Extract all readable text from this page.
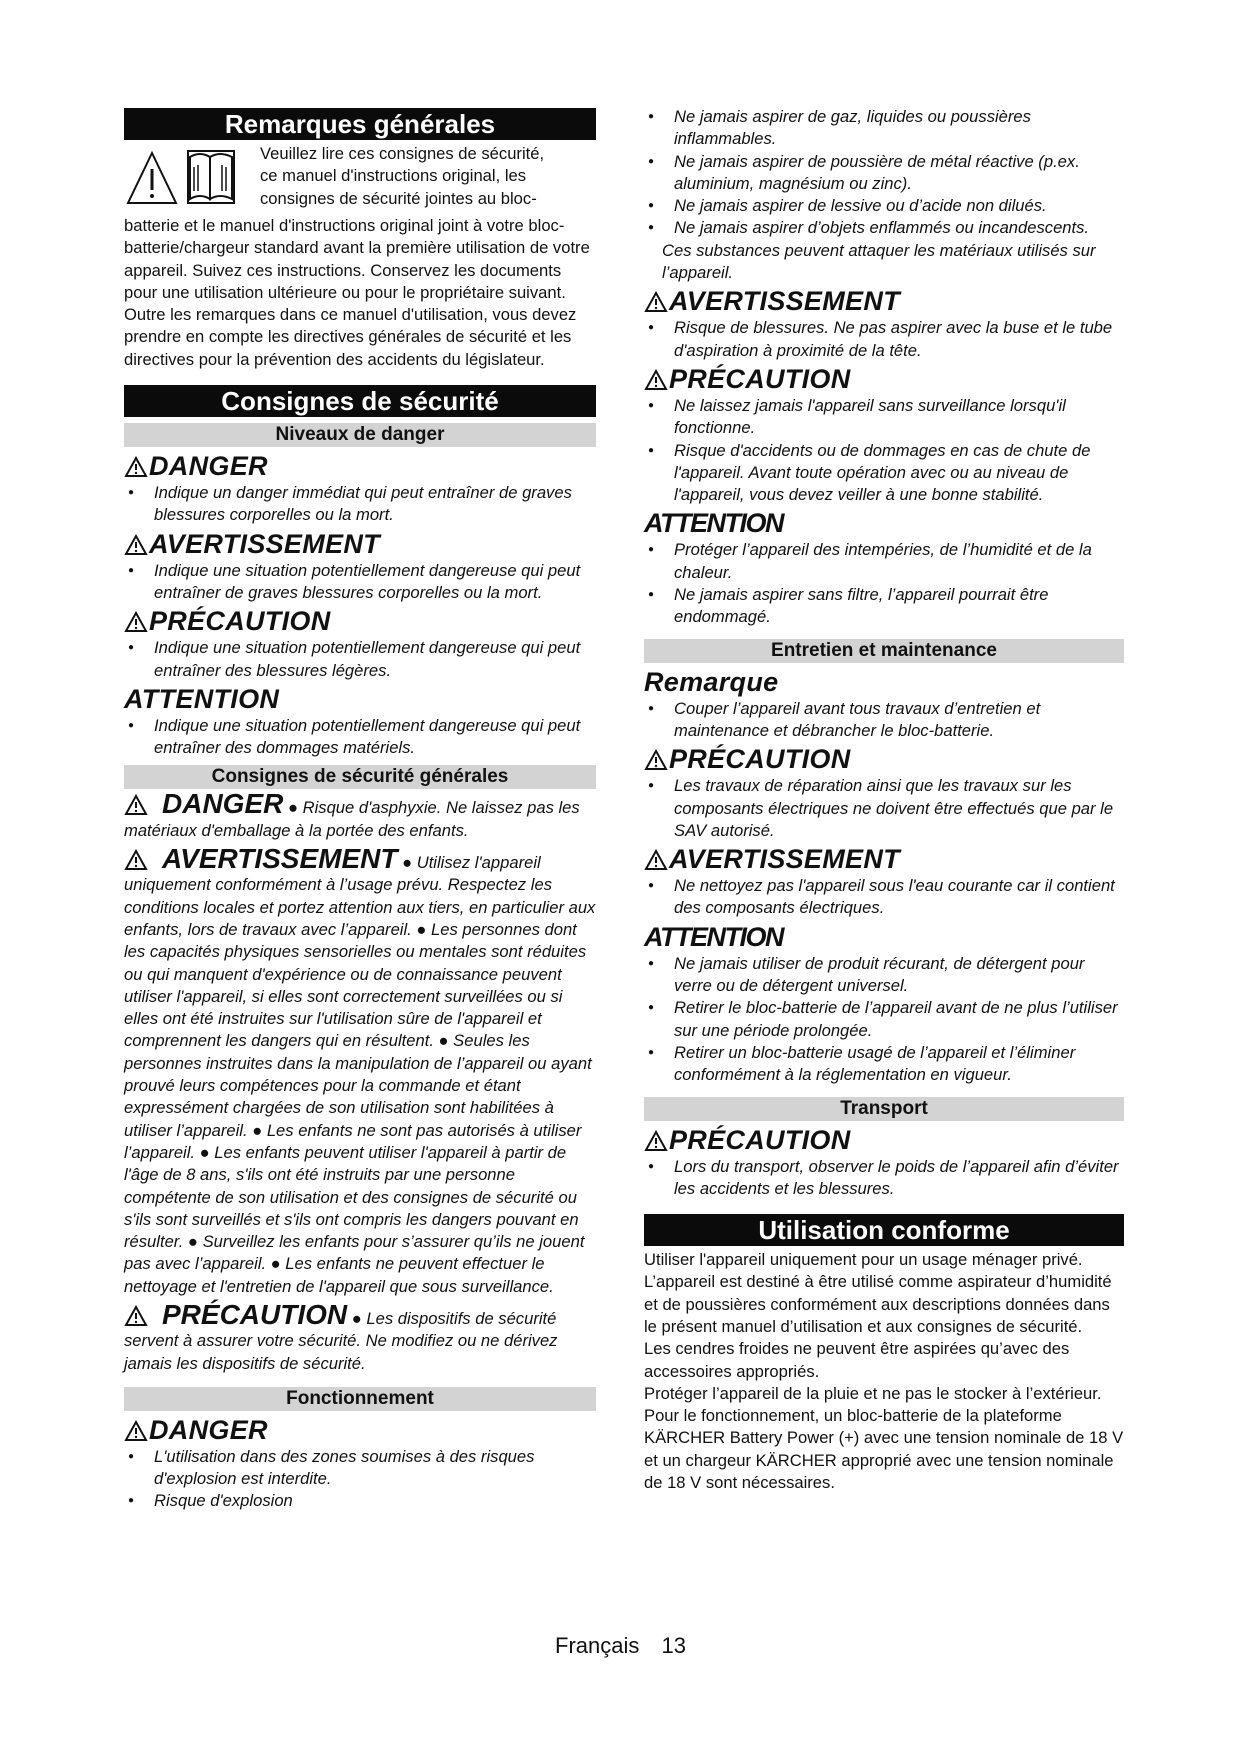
Remarques générales

Veuillez lire ces consignes de sécurité,

ce manuel d'instructions original, les

consignes de sécurité jointes au bloc-

batterie et le manuel d'instructions original joint à votre bloc-batterie/chargeur standard avant la première utilisation de votre appareil. Suivez ces instructions. Conservez les documents pour une utilisation ultérieure ou pour le propriétaire suivant.

Outre les remarques dans ce manuel d'utilisation, vous devez prendre en compte les directives générales de sécurité et les directives pour la prévention des accidents du législateur.

Consignes de sécurité
Niveaux de danger
DANGER
● Indique un danger immédiat qui peut entraîner de graves blessures corporelles ou la mort.
AVERTISSEMENT
● Indique une situation potentiellement dangereuse qui peut entraîner de graves blessures corporelles ou la mort.
PRÉCAUTION
● Indique une situation potentiellement dangereuse qui peut entraîner des blessures légères.
ATTENTION
● Indique une situation potentiellement dangereuse qui peut entraîner des dommages matériels.
Consignes de sécurité générales

DANGER ● Risque d'asphyxie. Ne laissez pas les matériaux d'emballage à la portée des enfants.

AVERTISSEMENT ● Utilisez l'appareil uniquement conformément à l’usage prévu. Respectez les conditions locales et portez attention aux tiers, en particulier aux enfants, lors de travaux avec l’appareil. ● Les personnes dont les capacités physiques sensorielles ou mentales sont réduites ou qui manquent d'expérience ou de connaissance peuvent utiliser l'appareil, si elles sont correctement surveillées ou si elles ont été instruites sur l'utilisation sûre de l'appareil et comprennent les dangers qui en résultent. ● Seules les personnes instruites dans la manipulation de l’appareil ou ayant prouvé leurs compétences pour la commande et étant expressément chargées de son utilisation sont habilitées à utiliser l’appareil. ● Les enfants ne sont pas autorisés à utiliser l’appareil. ● Les enfants peuvent utiliser l'appareil à partir de l'âge de 8 ans, s'ils ont été instruits par une personne compétente de son utilisation et des consignes de sécurité ou s'ils sont surveillés et s'ils ont compris les dangers pouvant en résulter. ● Surveillez les enfants pour s’assurer qu’ils ne jouent pas avec l’appareil. ● Les enfants ne peuvent effectuer le nettoyage et l'entretien de l'appareil que sous surveillance.

PRÉCAUTION ● Les dispositifs de sécurité servent à assurer votre sécurité. Ne modifiez ou ne dérivez jamais les dispositifs de sécurité.

Fonctionnement
DANGER
● L'utilisation dans des zones soumises à des risques d'explosion est interdite.
● Risque d'explosion
● Ne jamais aspirer de gaz, liquides ou poussières inflammables.
● Ne jamais aspirer de poussière de métal réactive (p.ex. aluminium, magnésium ou zinc).
● Ne jamais aspirer de lessive ou d’acide non dilués.
● Ne jamais aspirer d’objets enflammés ou incandescents.

Ces substances peuvent attaquer les matériaux utilisés sur l’appareil.

AVERTISSEMENT
● Risque de blessures. Ne pas aspirer avec la buse et le tube d'aspiration à proximité de la tête.
PRÉCAUTION
● Ne laissez jamais l'appareil sans surveillance lorsqu'il fonctionne.
● Risque d'accidents ou de dommages en cas de chute de l'appareil. Avant toute opération avec ou au niveau de l'appareil, vous devez veiller à une bonne stabilité.
ATTENTION
● Protéger l’appareil des intempéries, de l’humidité et de la chaleur.
● Ne jamais aspirer sans filtre, l’appareil pourrait être endommagé.
Entretien et maintenance
Remarque
● Couper l’appareil avant tous travaux d’entretien et maintenance et débrancher le bloc-batterie.
PRÉCAUTION
● Les travaux de réparation ainsi que les travaux sur les composants électriques ne doivent être effectués que par le SAV autorisé.
AVERTISSEMENT
● Ne nettoyez pas l'appareil sous l'eau courante car il contient des composants électriques.
ATTENTION
● Ne jamais utiliser de produit récurant, de détergent pour verre ou de détergent universel.
● Retirer le bloc-batterie de l’appareil avant de ne plus l’utiliser sur une période prolongée.
● Retirer un bloc-batterie usagé de l’appareil et l’éliminer conformément à la réglementation en vigueur.
Transport
PRÉCAUTION
● Lors du transport, observer le poids de l’appareil afin d’éviter les accidents et les blessures.
Utilisation conforme

Utiliser l'appareil uniquement pour un usage ménager privé.

L’appareil est destiné à être utilisé comme aspirateur d’humidité et de poussières conformément aux descriptions données dans le présent manuel d’utilisation et aux consignes de sécurité.

Les cendres froides ne peuvent être aspirées qu’avec des accessoires appropriés.

Protéger l’appareil de la pluie et ne pas le stocker à l’extérieur.

Pour le fonctionnement, un bloc-batterie de la plateforme KÄRCHER Battery Power (+) avec une tension nominale de 18 V et un chargeur KÄRCHER approprié avec une tension nominale de 18 V sont nécessaires.

Français 13
